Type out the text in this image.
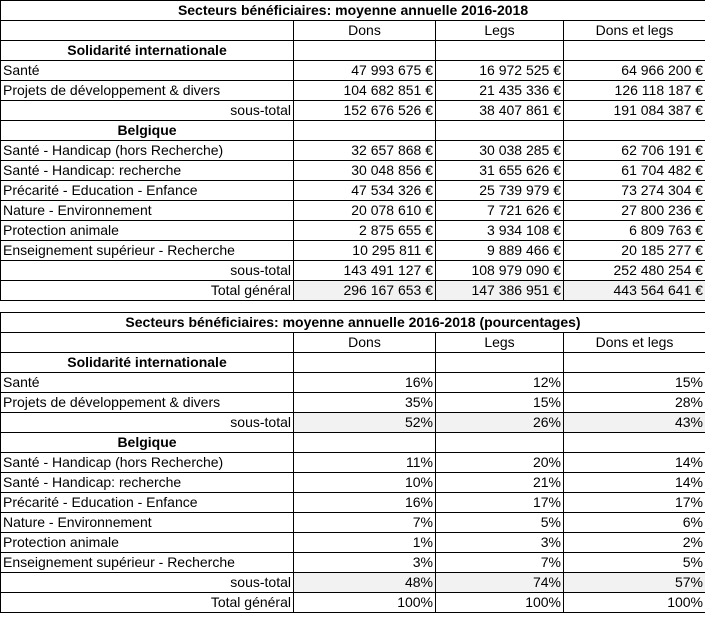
Secteurs bénéficiaires: moyenne annuelle 2016-2018			
	Dons	Legs	Dons et legs
Solidarité internationale			
Santé	47 993 675 €	16 972 525 €	64 966 200 €
Projets de développement & divers	104 682 851 €	21 435 336 €	126 118 187 €
sous-total	152 676 526 €	38 407 861 €	191 084 387 €
Belgique			
Santé - Handicap (hors Recherche)	32 657 868 €	30 038 285 €	62 706 191 €
Santé - Handicap: recherche	30 048 856 €	31 655 626 €	61 704 482 €
Précarité - Education - Enfance	47 534 326 €	25 739 979 €	73 274 304 €
Nature - Environnement	20 078 610 €	7 721 626 €	27 800 236 €
Protection animale	2 875 655 €	3 934 108 €	6 809 763 €
Enseignement supérieur - Recherche	10 295 811 €	9 889 466 €	20 185 277 €
sous-total	143 491 127 €	108 979 090 €	252 480 254 €
Total général	296 167 653 €	147 386 951 €	443 564 641 €
Secteurs bénéficiaires: moyenne annuelle 2016-2018 (pourcentages)			
	Dons	Legs	Dons et legs
Solidarité internationale			
Santé	16%	12%	15%
Projets de développement & divers	35%	15%	28%
sous-total	52%	26%	43%
Belgique			
Santé - Handicap (hors Recherche)	11%	20%	14%
Santé - Handicap: recherche	10%	21%	14%
Précarité - Education - Enfance	16%	17%	17%
Nature - Environnement	7%	5%	6%
Protection animale	1%	3%	2%
Enseignement supérieur - Recherche	3%	7%	5%
sous-total	48%	74%	57%
Total général	100%	100%	100%
